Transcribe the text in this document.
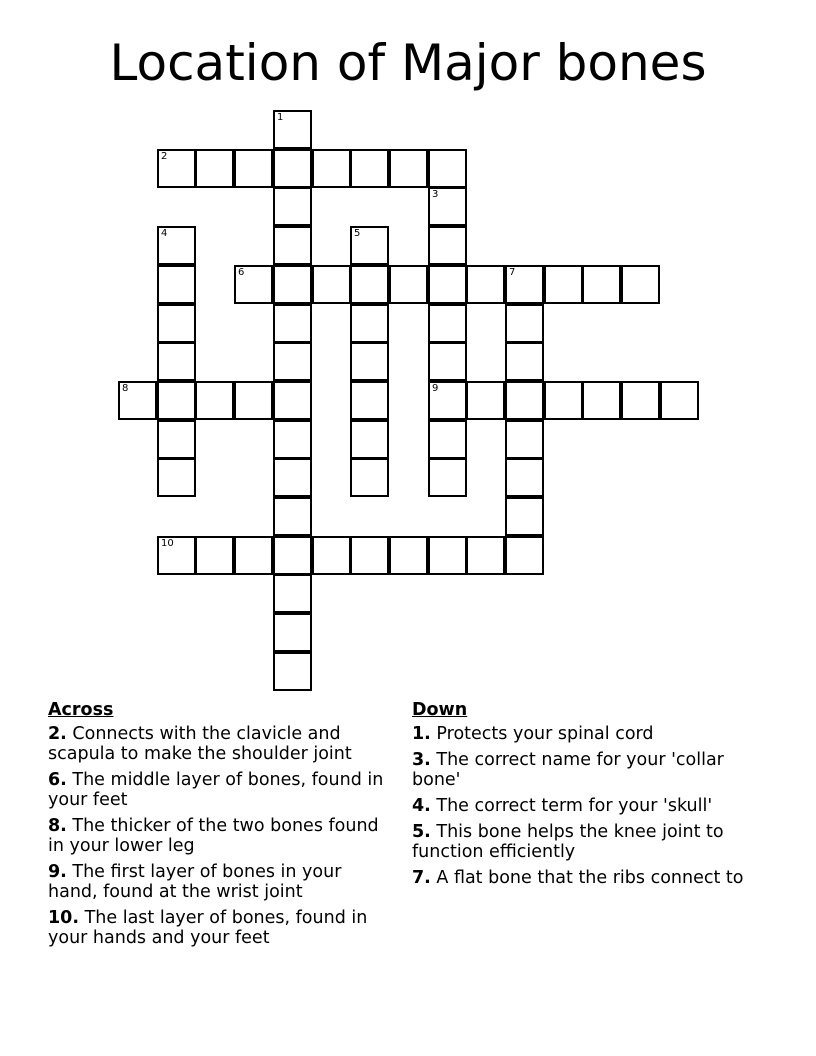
Location of Major bones
1
2
3
4	5
6	7
8	9
10
Across
2. Connects with the clavicle and scapula to make the shoulder joint
6. The middle layer of bones, found in your feet
8. The thicker of the two bones found in your lower leg
9. The first layer of bones in your hand, found at the wrist joint
10. The last layer of bones, found in your hands and your feet
Down
1. Protects your spinal cord
3. The correct name for your 'collar bone'
4. The correct term for your 'skull'
5. This bone helps the knee joint to function efficiently
7. A flat bone that the ribs connect to
